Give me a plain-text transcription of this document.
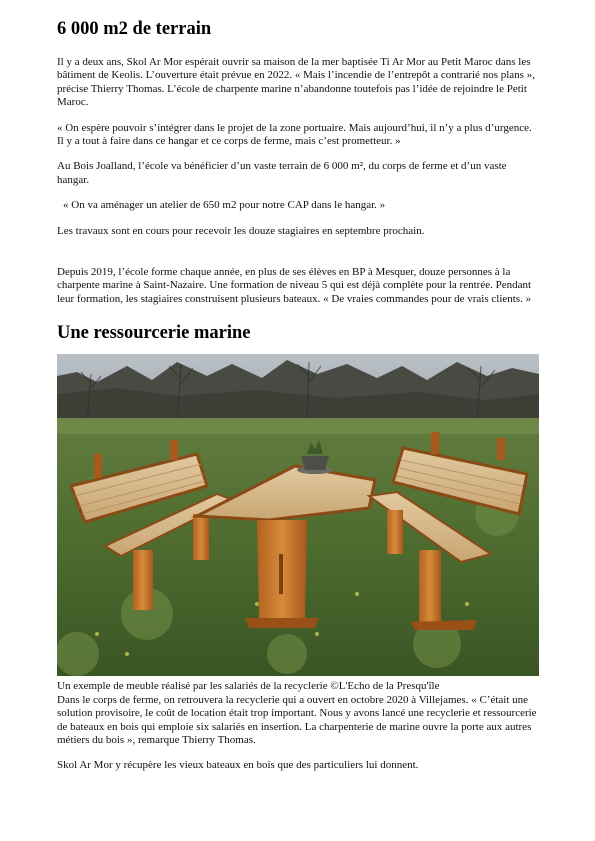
6 000 m2 de terrain

Il y a deux ans, Skol Ar Mor espérait ouvrir sa maison de la mer baptisée Ti Ar Mor au Petit Maroc dans les bâtiment de Keolis. L’ouverture était prévue en 2022. « Mais l’incendie de l’entrepôt a contrarié nos plans », précise Thierry Thomas. L’école de charpente marine n’abandonne toutefois pas l’idée de rejoindre le Petit Maroc.

« On espère pouvoir s’intégrer dans le projet de la zone portuaire. Mais aujourd’hui, il n’y a plus d’urgence. Il y a tout à faire dans ce hangar et ce corps de ferme, mais c’est prometteur. »

Au Bois Joalland, l’école va bénéficier d’un vaste terrain de 6 000 m², du corps de ferme et d’un vaste hangar.

« On va aménager un atelier de 650 m2 pour notre CAP dans le hangar. »

Les travaux sont en cours pour recevoir les douze stagiaires en septembre prochain.

Depuis 2019, l’école forme chaque année, en plus de ses élèves en BP à Mesquer, douze personnes à la charpente marine à Saint-Nazaire. Une formation de niveau 5 qui est déjà complète pour la rentrée. Pendant leur formation, les stagiaires construisent plusieurs bateaux. « De vraies commandes pour de vrais clients. »

Une ressourcerie marine

Un exemple de meuble réalisé par les salariés de la recyclerie ©L'Echo de la Presqu'île

Dans le corps de ferme, on retrouvera la recyclerie qui a ouvert en octobre 2020 à Villejames. « C’était une solution provisoire, le coût de location était trop important. Nous y avons lancé une recyclerie et ressourcerie de bateaux en bois qui emploie six salariés en insertion. La charpenterie de marine ouvre la porte aux autres métiers du bois », remarque Thierry Thomas.

Skol Ar Mor y récupère les vieux bateaux en bois que des particuliers lui donnent.
